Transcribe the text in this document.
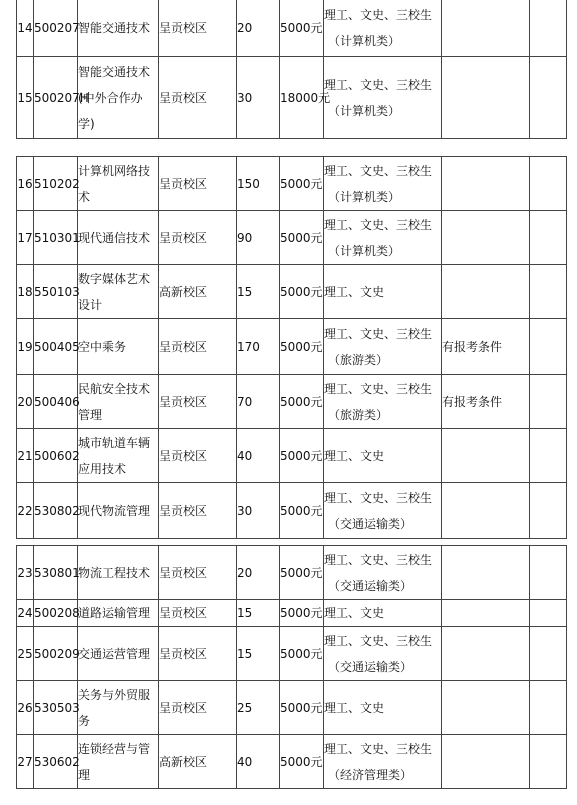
14	500207	智能交通技术	呈贡校区	20	5000元	理工、文史、三校生
（计算机类）		

15	500207H	智能交通技术
(中外合作办
学)	呈贡校区	30	18000元	理工、文史、三校生
（计算机类）		

16	510202	计算机网络技
术	呈贡校区	150	5000元	理工、文史、三校生
（计算机类）		

17	510301	现代通信技术	呈贡校区	90	5000元	理工、文史、三校生
（计算机类）		

18	550103	数字媒体艺术
设计	高新校区	15	5000元	理工、文史		

19	500405	空中乘务	呈贡校区	170	5000元	理工、文史、三校生
（旅游类）	有报考条件	
20	500406	民航安全技术
管理	呈贡校区	70	5000元	理工、文史、三校生
（旅游类）	有报考条件	
21	500602	城市轨道车辆
应用技术	呈贡校区	40	5000元	理工、文史		

22	530802	现代物流管理	呈贡校区	30	5000元	理工、文史、三校生
（交通运输类）		

23	530801	物流工程技术	呈贡校区	20	5000元	理工、文史、三校生
（交通运输类）		

24	500208	道路运输管理	呈贡校区	15	5000元	理工、文史		

25	500209	交通运营管理	呈贡校区	15	5000元	理工、文史、三校生
（交通运输类）		

26	530503	关务与外贸服
务	呈贡校区	25	5000元	理工、文史		

27	530602	连锁经营与管
理	高新校区	40	5000元	理工、文史、三校生
（经济管理类）		
